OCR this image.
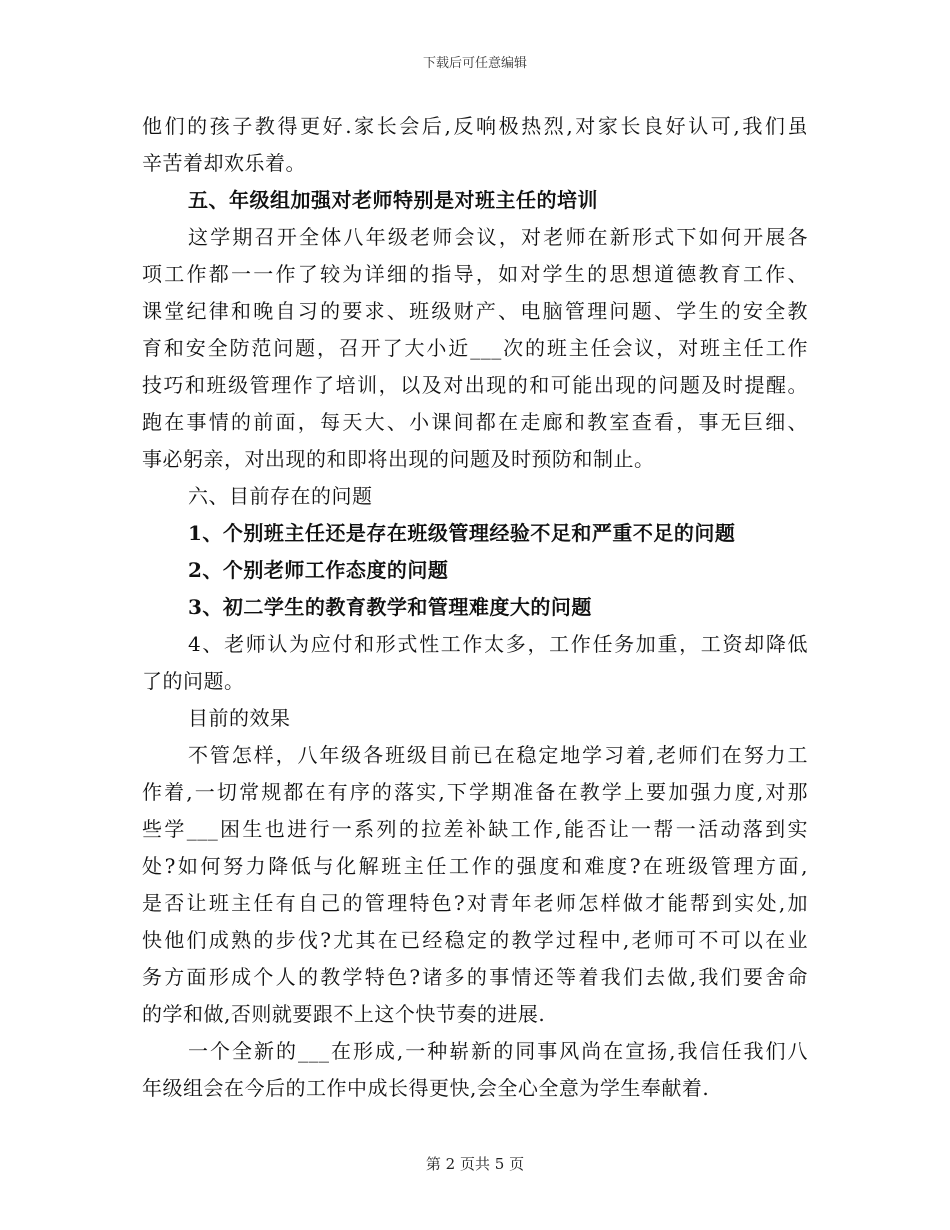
下载后可任意编辑
他们的孩子教得更好.家长会后,反响极热烈,对家长良好认可,我们虽
辛苦着却欢乐着。
五、年级组加强对老师特别是对班主任的培训
这学期召开全体八年级老师会议，对老师在新形式下如何开展各
项工作都一一作了较为详细的指导，如对学生的思想道德教育工作、
课堂纪律和晚自习的要求、班级财产、电脑管理问题、学生的安全教
育和安全防范问题，召开了大小近___次的班主任会议，对班主任工作
技巧和班级管理作了培训，以及对出现的和可能出现的问题及时提醒。
跑在事情的前面，每天大、小课间都在走廊和教室查看，事无巨细、
事必躬亲，对出现的和即将出现的问题及时预防和制止。
六、目前存在的问题
1、个别班主任还是存在班级管理经验不足和严重不足的问题
2、个别老师工作态度的问题
3、初二学生的教育教学和管理难度大的问题
4、老师认为应付和形式性工作太多，工作任务加重，工资却降低
了的问题。
目前的效果
不管怎样，八年级各班级目前已在稳定地学习着,老师们在努力工
作着,一切常规都在有序的落实,下学期准备在教学上要加强力度,对那
些学___困生也进行一系列的拉差补缺工作,能否让一帮一活动落到实
处?如何努力降低与化解班主任工作的强度和难度?在班级管理方面,
是否让班主任有自己的管理特色?对青年老师怎样做才能帮到实处,加
快他们成熟的步伐?尤其在已经稳定的教学过程中,老师可不可以在业
务方面形成个人的教学特色?诸多的事情还等着我们去做,我们要舍命
的学和做,否则就要跟不上这个快节奏的进展.
一个全新的___在形成,一种崭新的同事风尚在宣扬,我信任我们八
年级组会在今后的工作中成长得更快,会全心全意为学生奉献着.
第 2 页共 5 页
